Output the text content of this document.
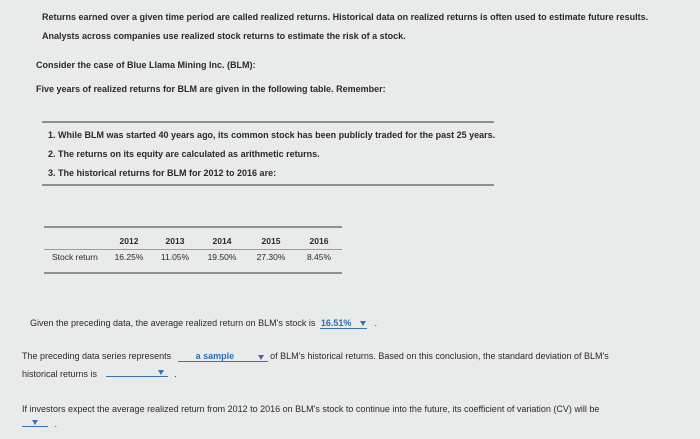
Returns earned over a given time period are called realized returns. Historical data on realized returns is often used to estimate future results.
Analysts across companies use realized stock returns to estimate the risk of a stock.
Consider the case of Blue Llama Mining Inc. (BLM):
Five years of realized returns for BLM are given in the following table. Remember:
1. While BLM was started 40 years ago, its common stock has been publicly traded for the past 25 years.
2. The returns on its equity are calculated as arithmetic returns.
3. The historical returns for BLM for 2012 to 2016 are:
	2012	2013	2014	2015	2016
Stock return	16.25%	11.05%	19.50%	27.30%	8.45%
Given the preceding data, the average realized return on BLM's stock is 16.51%	.
The preceding data series represents	a sample	of BLM's historical returns. Based on this conclusion, the standard deviation of BLM's
historical returns is	.
If investors expect the average realized return from 2012 to 2016 on BLM's stock to continue into the future, its coefficient of variation (CV) will be
.
